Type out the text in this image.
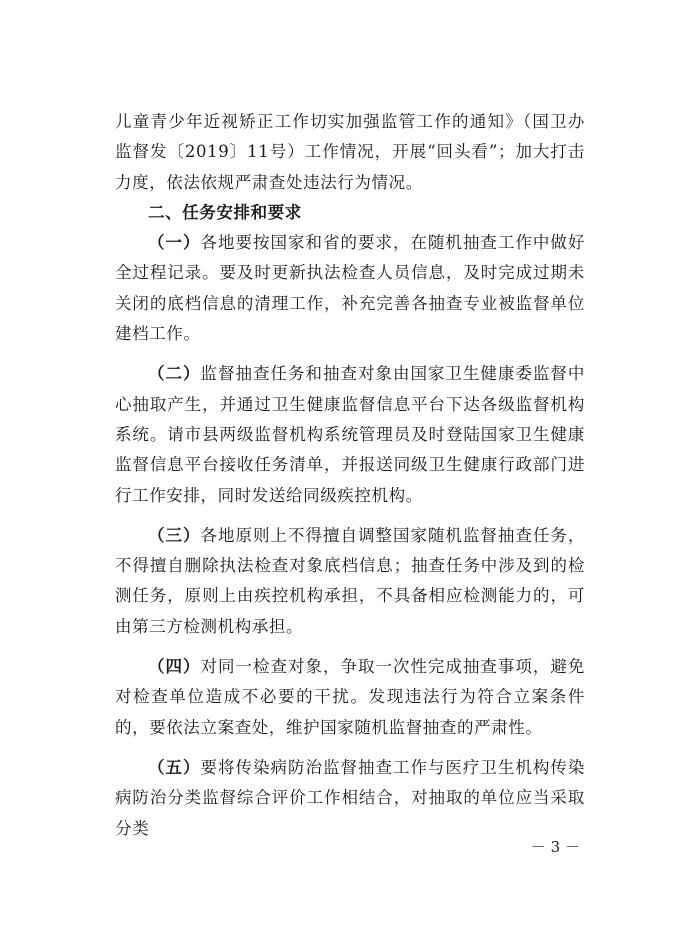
儿童青少年近视矫正工作切实加强监管工作的通知》（国卫办监督发〔2019〕11号）工作情况，开展“回头看”；加大打击力度，依法依规严肃查处违法行为情况。

二、任务安排和要求

（一）各地要按国家和省的要求，在随机抽查工作中做好全过程记录。要及时更新执法检查人员信息，及时完成过期未关闭的底档信息的清理工作，补充完善各抽查专业被监督单位建档工作。

（二）监督抽查任务和抽查对象由国家卫生健康委监督中心抽取产生，并通过卫生健康监督信息平台下达各级监督机构系统。请市县两级监督机构系统管理员及时登陆国家卫生健康监督信息平台接收任务清单，并报送同级卫生健康行政部门进行工作安排，同时发送给同级疾控机构。

（三）各地原则上不得擅自调整国家随机监督抽查任务，不得擅自删除执法检查对象底档信息；抽查任务中涉及到的检测任务，原则上由疾控机构承担，不具备相应检测能力的，可由第三方检测机构承担。

（四）对同一检查对象，争取一次性完成抽查事项，避免对检查单位造成不必要的干扰。发现违法行为符合立案条件的，要依法立案查处，维护国家随机监督抽查的严肃性。

（五）要将传染病防治监督抽查工作与医疗卫生机构传染病防治分类监督综合评价工作相结合，对抽取的单位应当采取分类

－ 3 －
